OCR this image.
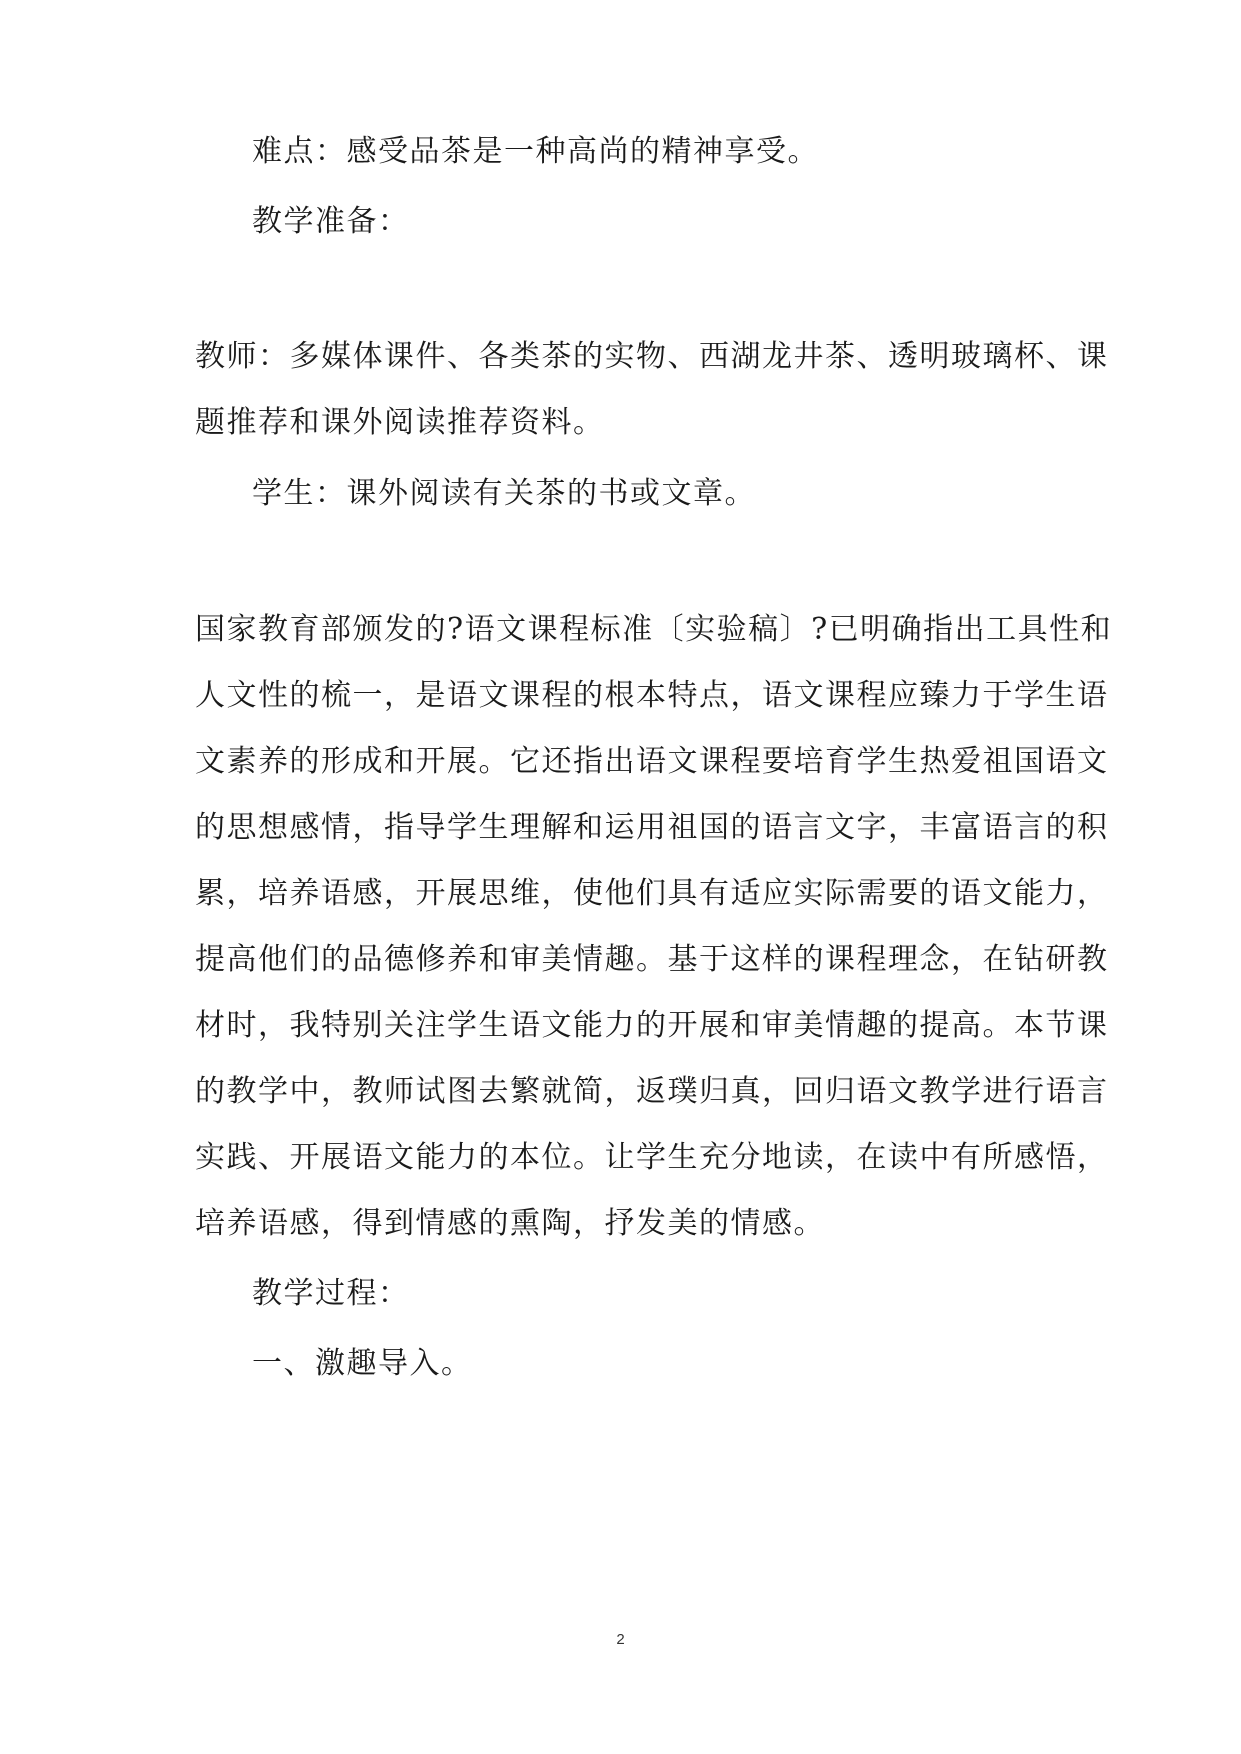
难点：感受品茶是一种高尚的精神享受。
教学准备：
教师：多媒体课件、各类茶的实物、西湖龙井茶、透明玻璃杯、课
题推荐和课外阅读推荐资料。
学生：课外阅读有关茶的书或文章。
国家教育部颁发的?语文课程标准〔实验稿〕?已明确指出工具性和
人文性的梳一，是语文课程的根本特点，语文课程应臻力于学生语
文素养的形成和开展。它还指出语文课程要培育学生热爱祖国语文
的思想感情，指导学生理解和运用祖国的语言文字，丰富语言的积
累，培养语感，开展思维，使他们具有适应实际需要的语文能力，
提高他们的品德修养和审美情趣。基于这样的课程理念，在钻研教
材时，我特别关注学生语文能力的开展和审美情趣的提高。本节课
的教学中，教师试图去繁就简，返璞归真，回归语文教学进行语言
实践、开展语文能力的本位。让学生充分地读，在读中有所感悟，
培养语感，得到情感的熏陶，抒发美的情感。
教学过程：
一、激趣导入。
2
